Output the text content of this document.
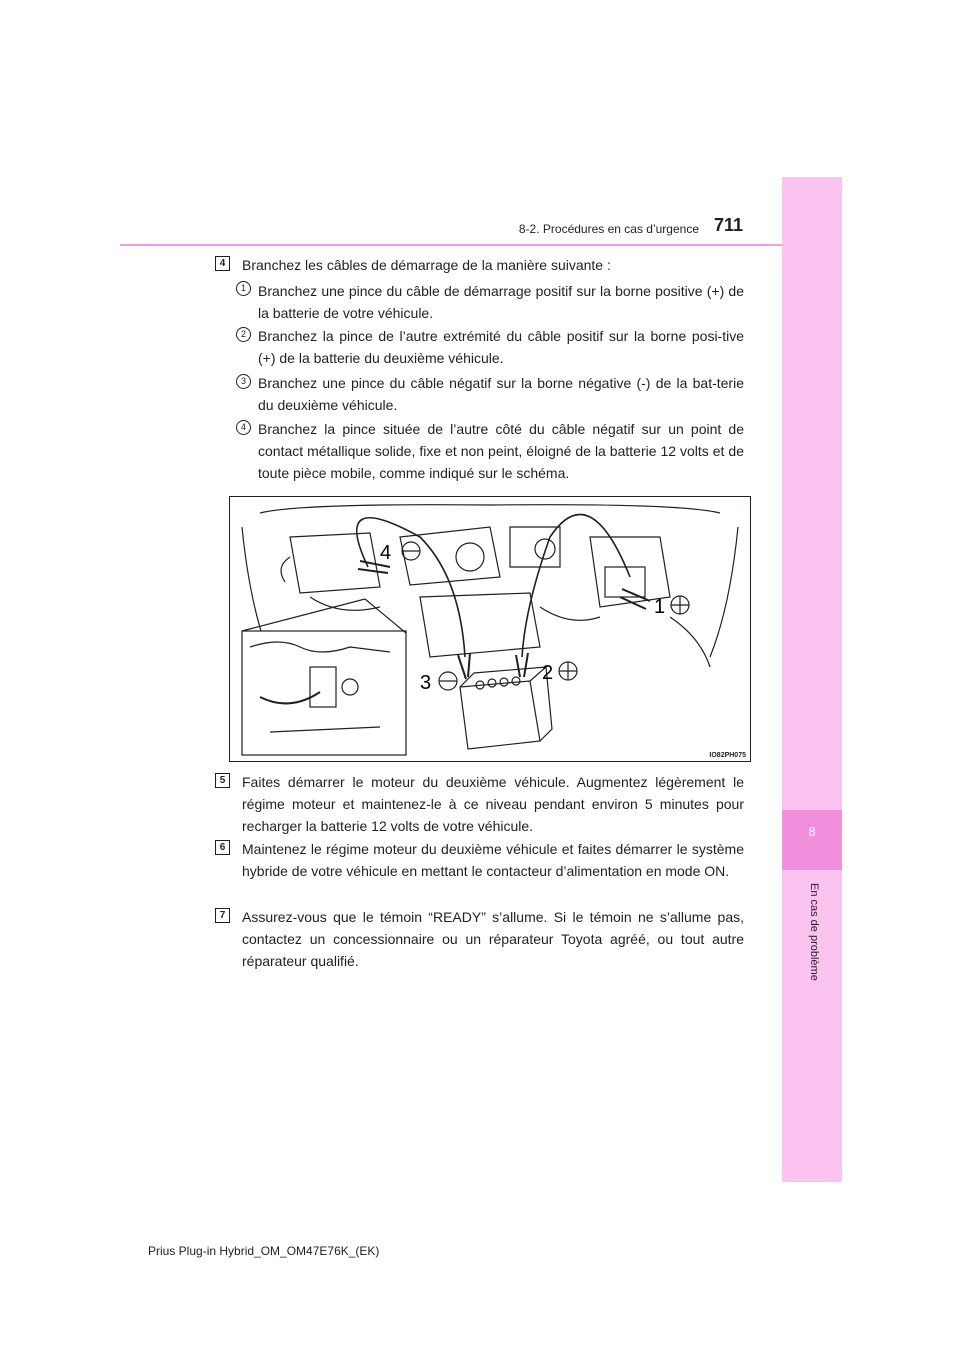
8-2. Procédures en cas d’urgence 711
8
En cas de problème
4	Branchez les câbles de démarrage de la manière suivante :

1 Branchez une pince du câble de démarrage positif sur la borne positive (+) de la batterie de votre véhicule.

2 Branchez la pince de l’autre extrémité du câble positif sur la borne posi-tive (+) de la batterie du deuxième véhicule.

3 Branchez une pince du câble négatif sur la borne négative (-) de la bat-terie du deuxième véhicule.

4 Branchez la pince située de l’autre côté du câble négatif sur un point de contact métallique solide, fixe et non peint, éloigné de la batterie 12 volts et de toute pièce mobile, comme indiqué sur le schéma.

4
1
2
3
IO82PH075
5	Faites démarrer le moteur du deuxième véhicule. Augmentez légèrement le régime moteur et maintenez-le à ce niveau pendant environ 5 minutes pour recharger la batterie 12 volts de votre véhicule.

6	Maintenez le régime moteur du deuxième véhicule et faites démarrer le système hybride de votre véhicule en mettant le contacteur d’alimentation en mode ON.

7	Assurez-vous que le témoin “READY” s’allume. Si le témoin ne s’allume pas, contactez un concessionnaire ou un réparateur Toyota agréé, ou tout autre réparateur qualifié.

Prius Plug-in Hybrid_OM_OM47E76K_(EK)
